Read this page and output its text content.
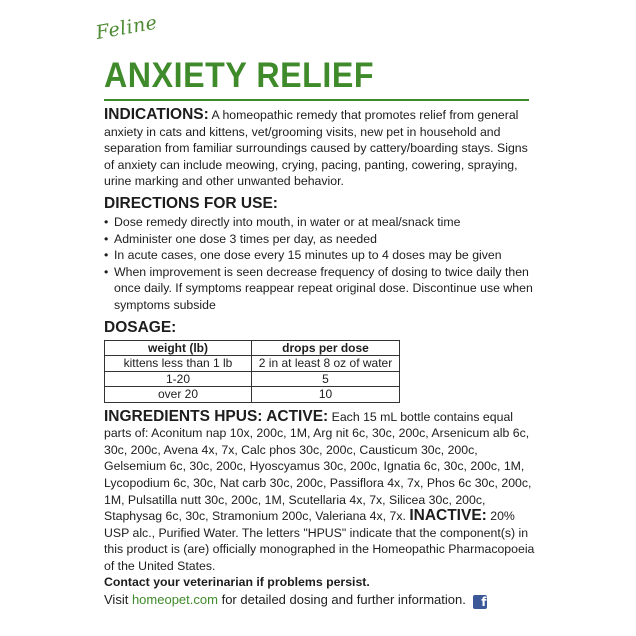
Feline
ANXIETY RELIEF

INDICATIONS: A homeopathic remedy that promotes relief from general anxiety in cats and kittens, vet/grooming visits, new pet in household and separation from familiar surroundings caused by cattery/boarding stays. Signs of anxiety can include meowing, crying, pacing, panting, cowering, spraying, urine marking and other unwanted behavior.

DIRECTIONS FOR USE:
• Dose remedy directly into mouth, in water or at meal/snack time
• Administer one dose 3 times per day, as needed
• In acute cases, one dose every 15 minutes up to 4 doses may be given
• When improvement is seen decrease frequency of dosing to twice daily then once daily. If symptoms reappear repeat original dose. Discontinue use when symptoms subside
DOSAGE:
weight (lb)	drops per dose
kittens less than 1 lb	2 in at least 8 oz of water
1-20	5
over 20	10

INGREDIENTS HPUS: ACTIVE: Each 15 mL bottle contains equal parts of: Aconitum nap 10x, 200c, 1M, Arg nit 6c, 30c, 200c, Arsenicum alb 6c, 30c, 200c, Avena 4x, 7x, Calc phos 30c, 200c, Causticum 30c, 200c, Gelsemium 6c, 30c, 200c, Hyoscyamus 30c, 200c, Ignatia 6c, 30c, 200c, 1M, Lycopodium 6c, 30c, Nat carb 30c, 200c, Passiflora 4x, 7x, Phos 6c 30c, 200c, 1M, Pulsatilla nutt 30c, 200c, 1M, Scutellaria 4x, 7x, Silicea 30c, 200c, Staphysag 6c, 30c, Stramonium 200c, Valeriana 4x, 7x. INACTIVE: 20% USP alc., Purified Water. The letters "HPUS" indicate that the component(s) in this product is (are) officially monographed in the Homeopathic Pharmacopoeia of the United States.

Contact your veterinarian if problems persist.

Visit homeopet.com for detailed dosing and further information. f
